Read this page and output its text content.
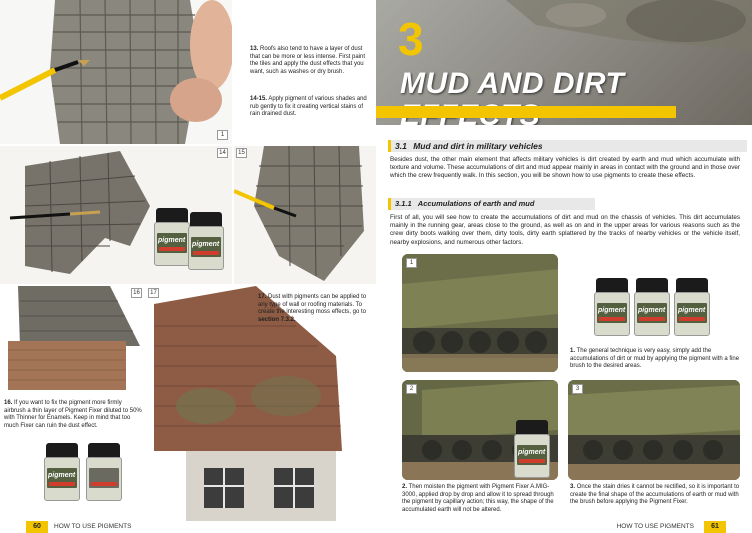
1
13. Roofs also tend to have a layer of dust that can be more or less intense. First paint the tiles and apply the dust effects that you want, such as washes or dry brush.
14-15. Apply pigment of various shades and rub gently to fix it creating vertical stains of rain drained dust.
pigment
pigment
14	15
16
16. If you want to fix the pigment more firmly airbrush a thin layer of Pigment Fixer diluted to 50% with Thinner for Enamels. Keep in mind that too much Fixer can ruin the dust effect.
pigment
17
17. Dust with pigments can be applied to any type of wall or roofing materials. To create the interesting moss effects, go to section 7.3.2.
60	HOW TO USE PIGMENTS
3
MUD AND DIRT
3.1 Mud and dirt in military vehicles
Besides dust, the other main element that affects military vehicles is dirt created by earth and mud which accumulate with texture and volume. These accumulations of dirt and mud appear mainly in areas in contact with the ground and in those over which the crew frequently walk. In this section, you will be shown how to use pigments to create these effects.
3.1.1 Accumulations of earth and mud
First of all, you will see how to create the accumulations of dirt and mud on the chassis of vehicles. This dirt accumulates mainly in the running gear, areas close to the ground, as well as on and in the upper areas for various reasons such as the crew dirty boots walking over them, dirty tools, dirty earth splattered by the tracks of nearby vehicles or the vehicle itself, nearby explosions, and numerous other factors.
1
pigment pigment pigment
1. The general technique is very easy, simply add the accumulations of dirt or mud by applying the pigment with a fine brush to the desired areas.
pigment
2	3
2. Then moisten the pigment with Pigment Fixer A.MIG-3000, applied drop by drop and allow it to spread through the pigment by capillary action; this way, the shape of the accumulated earth will not be altered.
3. Once the stain dries it cannot be rectified, so it is important to create the final shape of the accumulations of earth or mud with the brush before applying the Pigment Fixer.
HOW TO USE PIGMENTS	61
